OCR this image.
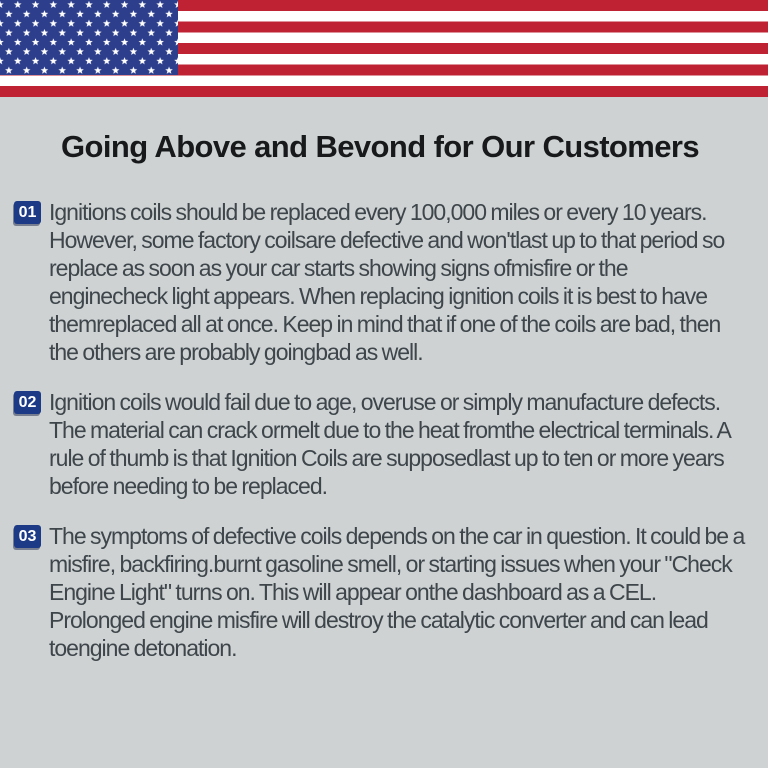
Going Above and Bevond for Our Customers
01 Ignitions coils should be replaced every 100,000 miles or every 10 years. However, some factory coilsare defective and won'tlast up to that period so replace as soon as your car starts showing signs ofmisfire or the enginecheck light appears. When replacing ignition coils it is best to have themreplaced all at once. Keep in mind that if one of the coils are bad, then the others are probably goingbad as well.

02 Ignition coils would fail due to age, overuse or simply manufacture defects. The material can crack ormelt due to the heat fromthe electrical terminals. A rule of thumb is that Ignition Coils are supposedlast up to ten or more years before needing to be replaced.

03 The symptoms of defective coils depends on the car in question. It could be a misfire, backfiring.burnt gasoline smell, or starting issues when your "Check Engine Light" turns on. This will appear onthe dashboard as a CEL. Prolonged engine misfire will destroy the catalytic converter and can lead toengine detonation.
